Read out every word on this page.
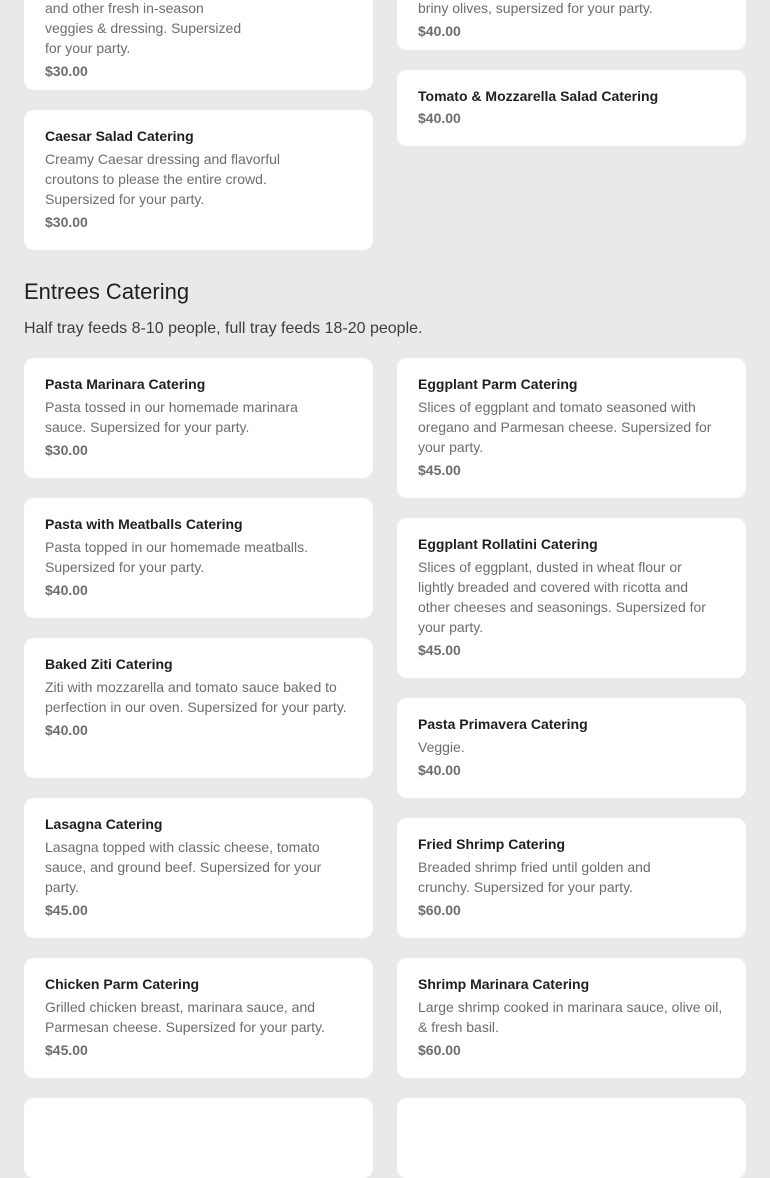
and other fresh in-season
veggies & dressing. Supersized
for your party.

$30.00

briny olives, supersized for your party.

$40.00

Caesar Salad Catering

Creamy Caesar dressing and flavorful croutons to please the entire crowd. Supersized for your party.

$30.00

Tomato & Mozzarella Salad Catering

$40.00

Entrees Catering

Half tray feeds 8-10 people, full tray feeds 18-20 people.

Pasta Marinara Catering

Pasta tossed in our homemade marinara sauce. Supersized for your party.

$30.00

Pasta with Meatballs Catering

Pasta topped in our homemade meatballs. Supersized for your party.

$40.00

Baked Ziti Catering

Ziti with mozzarella and tomato sauce baked to perfection in our oven. Supersized for your party.

$40.00

Lasagna Catering

Lasagna topped with classic cheese, tomato sauce, and ground beef. Supersized for your party.

$45.00

Chicken Parm Catering

Grilled chicken breast, marinara sauce, and Parmesan cheese. Supersized for your party.

$45.00

Eggplant Parm Catering

Slices of eggplant and tomato seasoned with oregano and Parmesan cheese. Supersized for your party.

$45.00

Eggplant Rollatini Catering

Slices of eggplant, dusted in wheat flour or lightly breaded and covered with ricotta and other cheeses and seasonings. Supersized for your party.

$45.00

Pasta Primavera Catering

Veggie.

$40.00

Fried Shrimp Catering

Breaded shrimp fried until golden and crunchy. Supersized for your party.

$60.00

Shrimp Marinara Catering

Large shrimp cooked in marinara sauce, olive oil, & fresh basil.

$60.00
